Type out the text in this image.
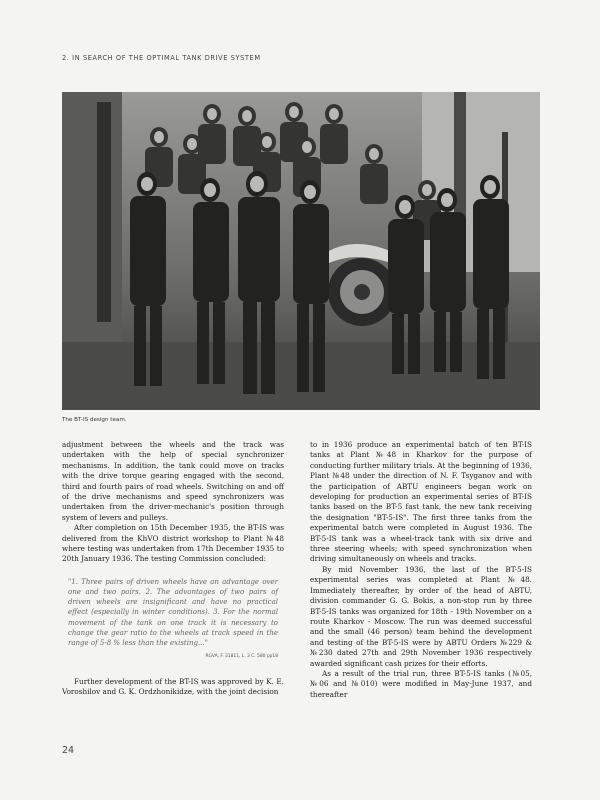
2. IN SEARCH OF THE OPTIMAL TANK DRIVE SYSTEM
The BT-IS design team.

adjustment between the wheels and the track was undertaken with the help of special synchronizer mechanisms. In addition, the tank could move on tracks with the drive torque gearing engaged with the second, third and fourth pairs of road wheels. Switching on and off of the drive mechanisms and speed synchronizers was undertaken from the driver-mechanic's position through system of levers and pulleys.

After completion on 15th December 1935, the BT-IS was delivered from the KhVO district workshop to Plant №48 where testing was undertaken from 17th December 1935 to 20th January 1936. The testing Commission concluded:

"1. Three pairs of driven wheels have an advantage over one and two pairs. 2. The advantages of two pairs of driven wheels are insignificant and have no practical effect (especially in winter conditions). 3. For the normal movement of the tank on one track it is necessary to change the gear ratio to the wheels at track speed in the range of 5-8 % less than the existing..."

RGVA, F. 31811, L. 3 C. 580 pp18

Further development of the BT-IS was approved by K. E. Voroshilov and G. K. Ordzhonikidze, with the joint decision

to in 1936 produce an experimental batch of ten BT-IS tanks at Plant №48 in Kharkov for the purpose of conducting further military trials. At the beginning of 1936, Plant №48 under the direction of N. F. Tsyganov and with the participation of ABTU engineers began work on developing for production an experimental series of BT-IS tanks based on the BT-5 fast tank, the new tank receiving the designation "BT-5-IS". The first three tanks from the experimental batch were completed in August 1936. The BT-5-IS tank was a wheel-track tank with six drive and three steering wheels; with speed synchronization when driving simultaneously on wheels and tracks.

By mid November 1936, the last of the BT-5-IS experimental series was completed at Plant №48. Immediately thereafter, by order of the head of ABTU, division commander G. G. Bokis, a non-stop run by three BT-5-IS tanks was organized for 18th - 19th November on a route Kharkov - Moscow. The run was deemed successful and the small (46 person) team behind the development and testing of the BT-5-IS were by ABTU Orders №229 & №230 dated 27th and 29th November 1936 respectively awarded significant cash prizes for their efforts.

As a result of the trial run, three BT-5-IS tanks (№05, №06 and №010) were modified in May-June 1937, and thereafter

24
